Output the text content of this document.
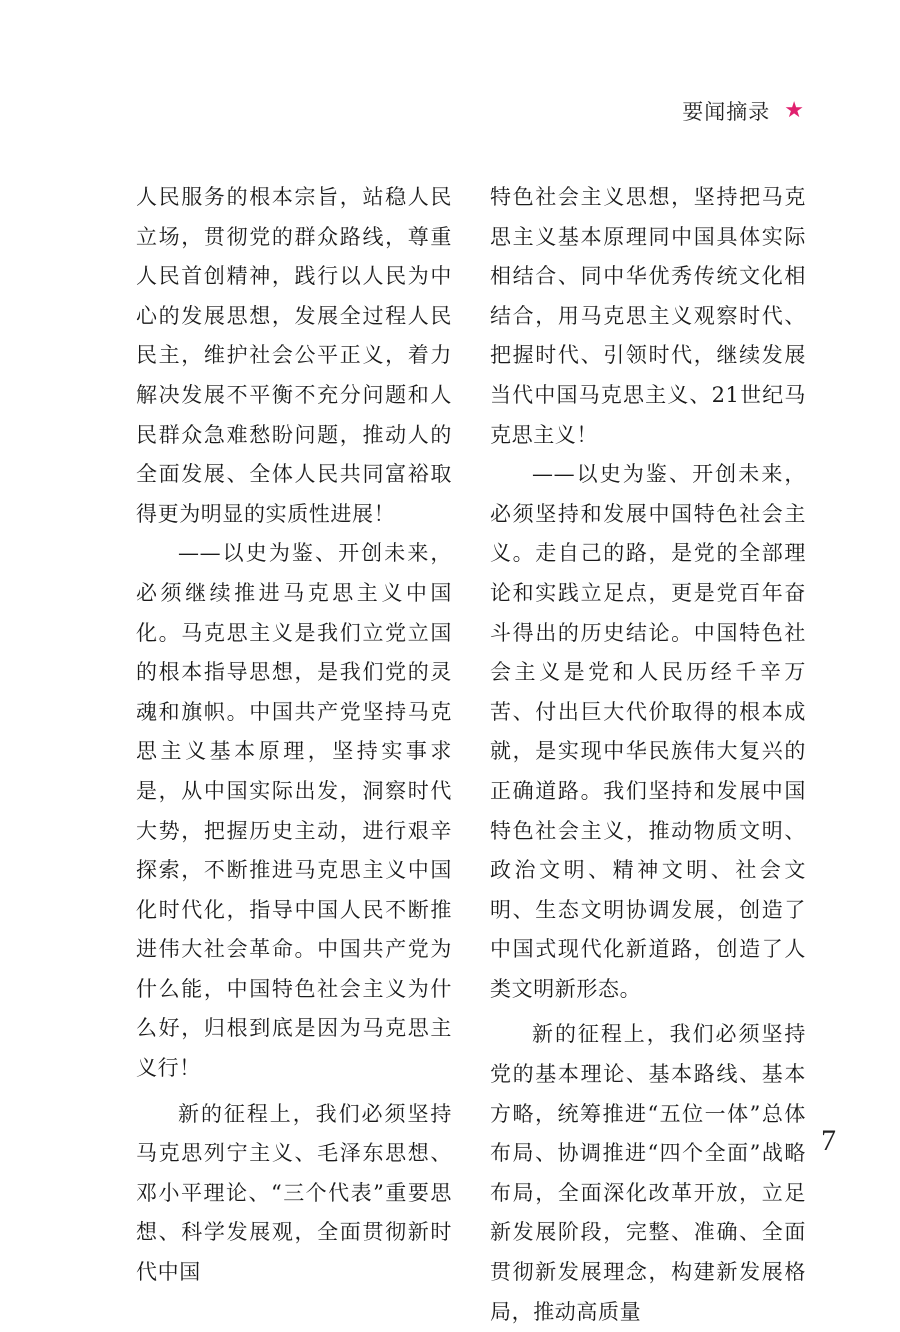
要闻摘录 ★

人民服务的根本宗旨，站稳人民立场，贯彻党的群众路线，尊重人民首创精神，践行以人民为中心的发展思想，发展全过程人民民主，维护社会公平正义，着力解决发展不平衡不充分问题和人民群众急难愁盼问题，推动人的全面发展、全体人民共同富裕取得更为明显的实质性进展！

——以史为鉴、开创未来，必须继续推进马克思主义中国化。马克思主义是我们立党立国的根本指导思想，是我们党的灵魂和旗帜。中国共产党坚持马克思主义基本原理，坚持实事求是，从中国实际出发，洞察时代大势，把握历史主动，进行艰辛探索，不断推进马克思主义中国化时代化，指导中国人民不断推进伟大社会革命。中国共产党为什么能，中国特色社会主义为什么好，归根到底是因为马克思主义行！

新的征程上，我们必须坚持马克思列宁主义、毛泽东思想、邓小平理论、“三个代表”重要思想、科学发展观，全面贯彻新时代中国

特色社会主义思想，坚持把马克思主义基本原理同中国具体实际相结合、同中华优秀传统文化相结合，用马克思主义观察时代、把握时代、引领时代，继续发展当代中国马克思主义、21世纪马克思主义！

——以史为鉴、开创未来，必须坚持和发展中国特色社会主义。走自己的路，是党的全部理论和实践立足点，更是党百年奋斗得出的历史结论。中国特色社会主义是党和人民历经千辛万苦、付出巨大代价取得的根本成就，是实现中华民族伟大复兴的正确道路。我们坚持和发展中国特色社会主义，推动物质文明、政治文明、精神文明、社会文明、生态文明协调发展，创造了中国式现代化新道路，创造了人类文明新形态。

新的征程上，我们必须坚持党的基本理论、基本路线、基本方略，统筹推进“五位一体”总体布局、协调推进“四个全面”战略布局，全面深化改革开放，立足新发展阶段，完整、准确、全面贯彻新发展理念，构建新发展格局，推动高质量

7
